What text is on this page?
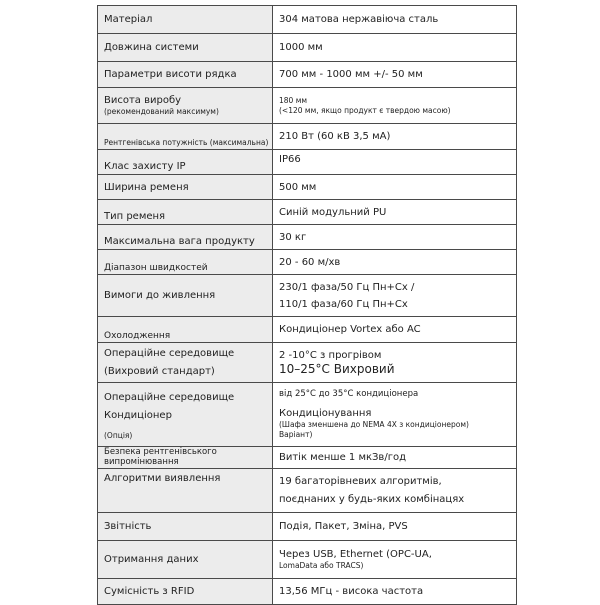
Матеріал	304 матова нержавіюча сталь

Довжина системи	1000 мм

Параметри висоти рядка	700 мм - 1000 мм +/- 50 мм

Висота виробу
(рекомендований максимум)	180 мм
(<120 мм, якщо продукт є твердою масою)

Рентгенівська потужність (максимальна)	210 Вт (60 кВ 3,5 мА)

Клас захисту IP	IP66

Ширина ременя	500 мм

Тип ременя	Синій модульний PU

Максимальна вага продукту	30 кг

Діапазон швидкостей	20 - 60 м/хв

Вимоги до живлення	230/1 фаза/50 Гц Пн+Сх /
110/1 фаза/60 Гц Пн+Сх

Охолодження	Кондиціонер Vortex або AC

Операційне середовище
(Вихровий стандарт)	2 -10°C з прогрівом
10–25°C Вихровий

Операційне середовище
Кондиціонер
(Опція)	від 25°C до 35°C кондиціонера
Кондиціонування
(Шафа зменшена до NEMA 4X з кондиціонером)
Варіант)

Безпека рентгенівського
випромінювання	Витік менше 1 мкЗв/год

Алгоритми виявлення	19 багаторівневих алгоритмів,
поєднаних у будь-яких комбінацях

Звітність	Подія, Пакет, Зміна, PVS

Отримання даних	Через USB, Ethernet (OPC-UA,
LomaData або TRACS)

Сумісність з RFID	13,56 МГц - висока частота
